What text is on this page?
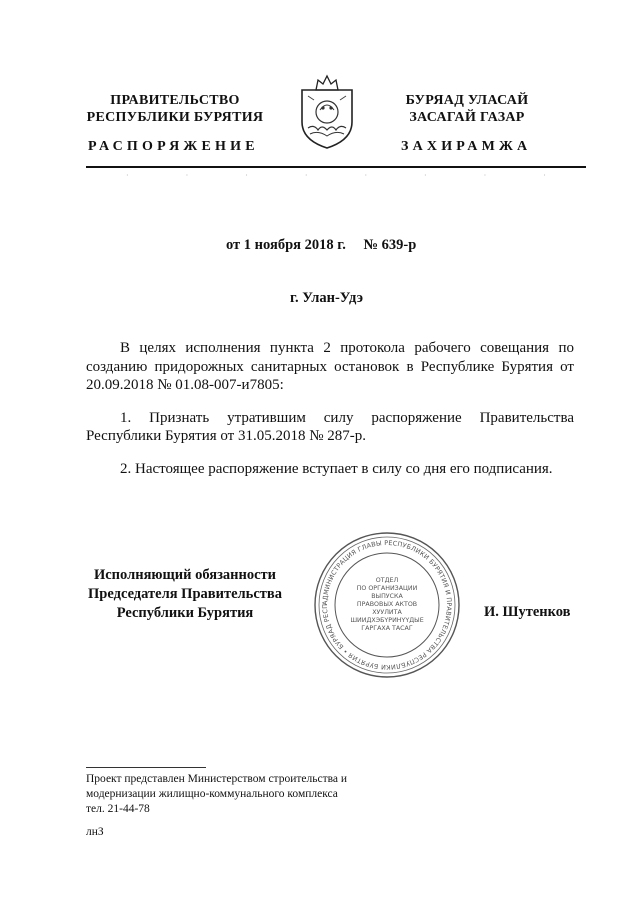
ПРАВИТЕЛЬСТВО
РЕСПУБЛИКИ БУРЯТИЯ
БУРЯАД УЛАСАЙ
ЗАСАГАЙ ГАЗАР
РАСПОРЯЖЕНИЕ	ЗАХИРАМЖА
·	·	·	·	·	·	·	·
от 1 ноября 2018 г. № 639-р
г. Улан-Удэ

В целях исполнения пункта 2 протокола рабочего совещания по созданию придорожных санитарных остановок в Республике Бурятия от 20.09.2018 № 01.08-007-и7805:

1. Признать утратившим силу распоряжение Правительства Республики Бурятия от 31.05.2018 № 287-р.

2. Настоящее распоряжение вступает в силу со дня его подписания.

Исполняющий обязанности
Председателя Правительства
Республики Бурятия
АДМИНИСТРАЦИЯ ГЛАВЫ РЕСПУБЛИКИ БУРЯТИЯ И ПРАВИТЕЛЬСТВА РЕСПУБЛИКИ БУРЯТИЯ • БУРЯАД РЕСП
ОТДЕЛ
ПО ОРГАНИЗАЦИИ
ВЫПУСКА
ПРАВОВЫХ АКТОВ
ХУУЛИТА
ШИИДХЭБҮРИНҮҮДЫЕ
ГАРГАХА ТАСАГ
И. Шутенков
Проект представлен Министерством строительства и
модернизации жилищно-коммунального комплекса
тел. 21-44-78
лнЗ
